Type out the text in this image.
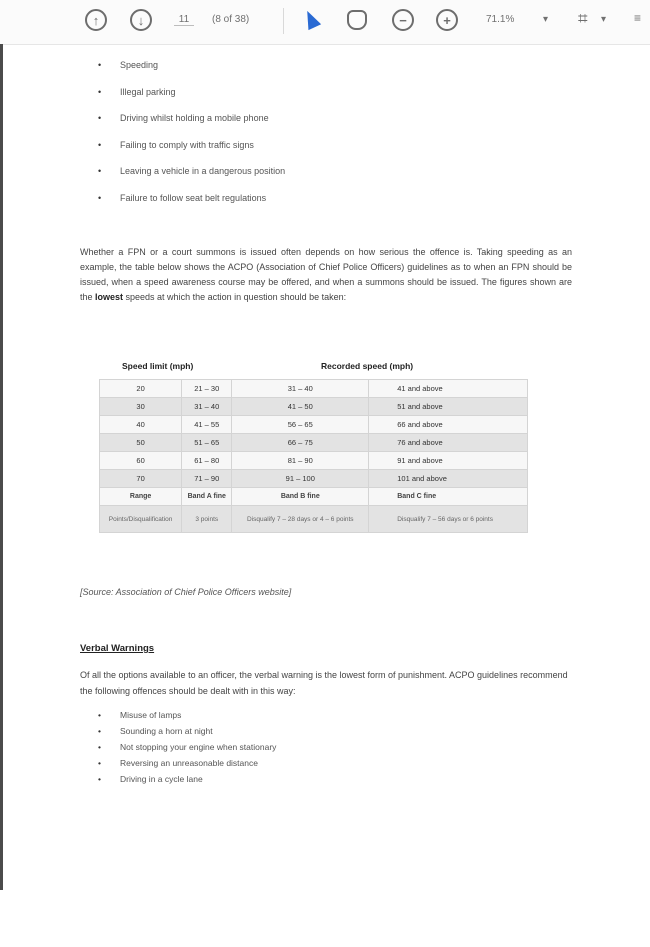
↑	↓	11	(8 of 38)	−	+	71.1%	▾ ⌗ ▾ ≡
• Speeding
• Illegal parking
• Driving whilst holding a mobile phone
• Failing to comply with traffic signs
• Leaving a vehicle in a dangerous position
• Failure to follow seat belt regulations

Whether a FPN or a court summons is issued often depends on how serious the offence is. Taking speeding as an example, the table below shows the ACPO (Association of Chief Police Officers) guidelines as to when an FPN should be issued, when a speed awareness course may be offered, and when a summons should be issued. The figures shown are the lowest speeds at which the action in question should be taken:

Speed limit (mph)	Recorded speed (mph)
20	21 – 30	31 – 40	41 and above
30	31 – 40	41 – 50	51 and above
40	41 – 55	56 – 65	66 and above
50	51 – 65	66 – 75	76 and above
60	61 – 80	81 – 90	91 and above
70	71 – 90	91 – 100	101 and above
Range	Band A fine	Band B fine	Band C fine
Points/Disqualification	3 points	Disqualify 7 – 28 days or 4 – 6 points	Disqualify 7 – 56 days or 6 points
[Source: Association of Chief Police Officers website]
Verbal Warnings

Of all the options available to an officer, the verbal warning is the lowest form of punishment. ACPO guidelines recommend the following offences should be dealt with in this way:

• Misuse of lamps
• Sounding a horn at night
• Not stopping your engine when stationary
• Reversing an unreasonable distance
• Driving in a cycle lane
